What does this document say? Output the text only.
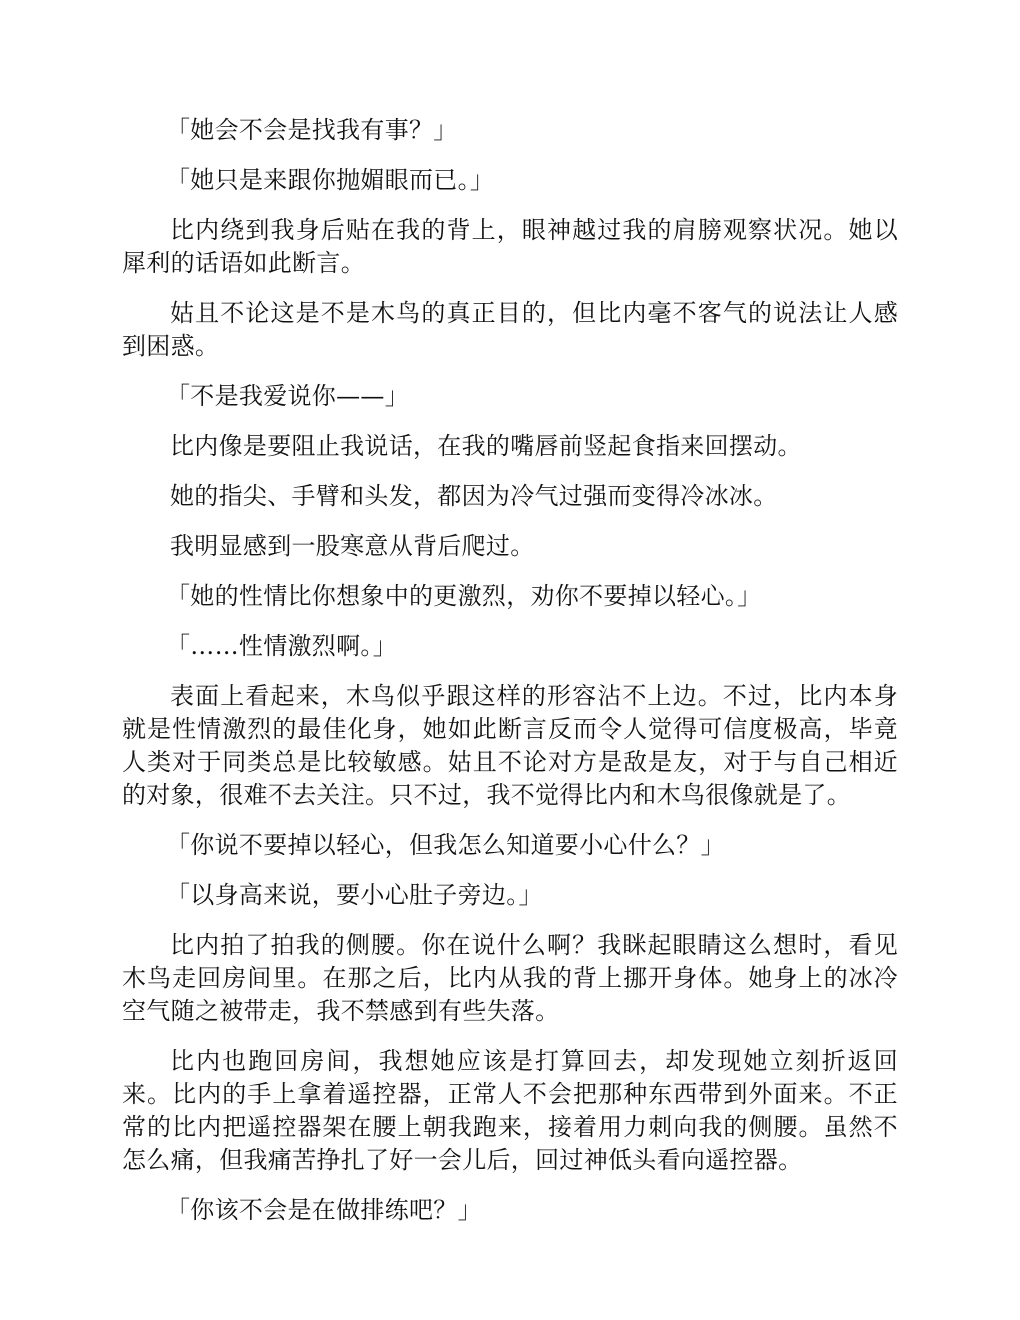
「她会不会是找我有事？」

「她只是来跟你抛媚眼而已。」

比内绕到我身后贴在我的背上，眼神越过我的肩膀观察状况。她以犀利的话语如此断言。

姑且不论这是不是木鸟的真正目的，但比内毫不客气的说法让人感到困惑。

「不是我爱说你——」

比内像是要阻止我说话，在我的嘴唇前竖起食指来回摆动。

她的指尖、手臂和头发，都因为冷气过强而变得冷冰冰。

我明显感到一股寒意从背后爬过。

「她的性情比你想象中的更激烈，劝你不要掉以轻心。」

「……性情激烈啊。」

表面上看起来，木鸟似乎跟这样的形容沾不上边。不过，比内本身就是性情激烈的最佳化身，她如此断言反而令人觉得可信度极高，毕竟人类对于同类总是比较敏感。姑且不论对方是敌是友，对于与自己相近的对象，很难不去关注。只不过，我不觉得比内和木鸟很像就是了。

「你说不要掉以轻心，但我怎么知道要小心什么？」

「以身高来说，要小心肚子旁边。」

比内拍了拍我的侧腰。你在说什么啊？我眯起眼睛这么想时，看见木鸟走回房间里。在那之后，比内从我的背上挪开身体。她身上的冰冷空气随之被带走，我不禁感到有些失落。

比内也跑回房间，我想她应该是打算回去，却发现她立刻折返回来。比内的手上拿着遥控器，正常人不会把那种东西带到外面来。不正常的比内把遥控器架在腰上朝我跑来，接着用力刺向我的侧腰。虽然不怎么痛，但我痛苦挣扎了好一会儿后，回过神低头看向遥控器。

「你该不会是在做排练吧？」
